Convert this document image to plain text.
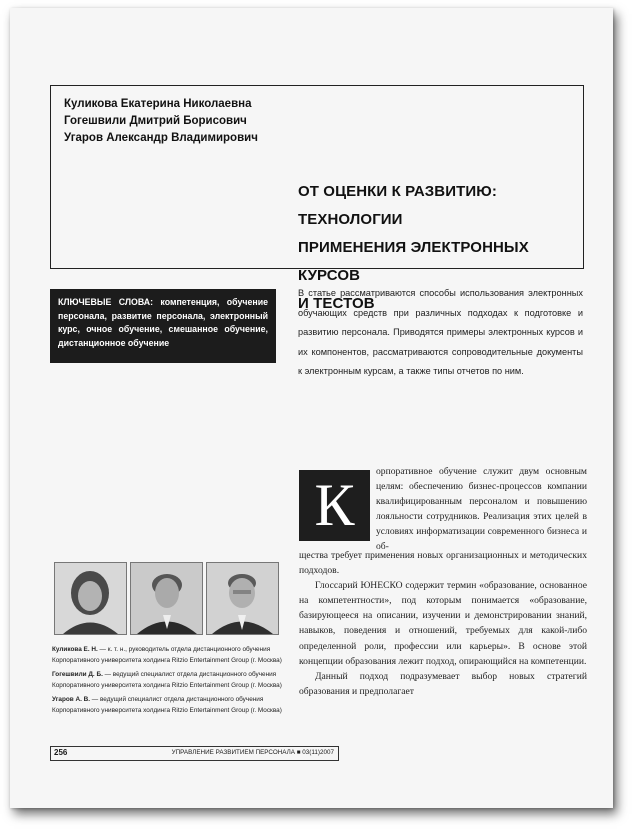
Куликова Екатерина Николаевна
Гогешвили Дмитрий Борисович
Угаров Александр Владимирович
ОТ ОЦЕНКИ К РАЗВИТИЮ: ТЕХНОЛОГИИ
ПРИМЕНЕНИЯ ЭЛЕКТРОННЫХ КУРСОВ
И ТЕСТОВ
КЛЮЧЕВЫЕ СЛОВА: компетенция, обучение персонала, развитие персонала, электронный курс, очное обучение, смешанное обучение, дистанционное обучение
В статье рассматриваются способы использования электронных обучающих средств при различных подходах к подготовке и развитию персонала. Приводятся примеры электронных курсов и их компонентов, рассматриваются сопроводительные документы к электронным курсам, а также типы отчетов по ним.
К
орпоративное обучение служит двум основным целям: обеспечению бизнес-процессов компании квалифицированным персоналом и повышению лояльности сотрудников. Реализация этих целей в условиях информатизации современного бизнеса и об-
щества требует применения новых организационных и методических подходов.
Глоссарий ЮНЕСКО содержит термин «образование, основанное на компетентности», под которым понимается «образование, базирующееся на описании, изучении и демонстрировании знаний, навыков, поведения и отношений, требуемых для какой-либо определенной роли, профессии или карьеры». В основе этой концепции образования лежит подход, опирающийся на компетенции.
Данный подход подразумевает выбор новых стратегий образования и предполагает
Куликова Е. Н. — к. т. н., руководитель отдела дистанционного обучения Корпоративного университета холдинга Ritzio Entertainment Group (г. Москва)
Гогешвили Д. Б. — ведущий специалист отдела дистанционного обучения Корпоративного университета холдинга Ritzio Entertainment Group (г. Москва)
Угаров А. В. — ведущий специалист отдела дистанционного обучения Корпоративного университета холдинга Ritzio Entertainment Group (г. Москва)
256	УПРАВЛЕНИЕ РАЗВИТИЕМ ПЕРСОНАЛА ■ 03(11)2007
